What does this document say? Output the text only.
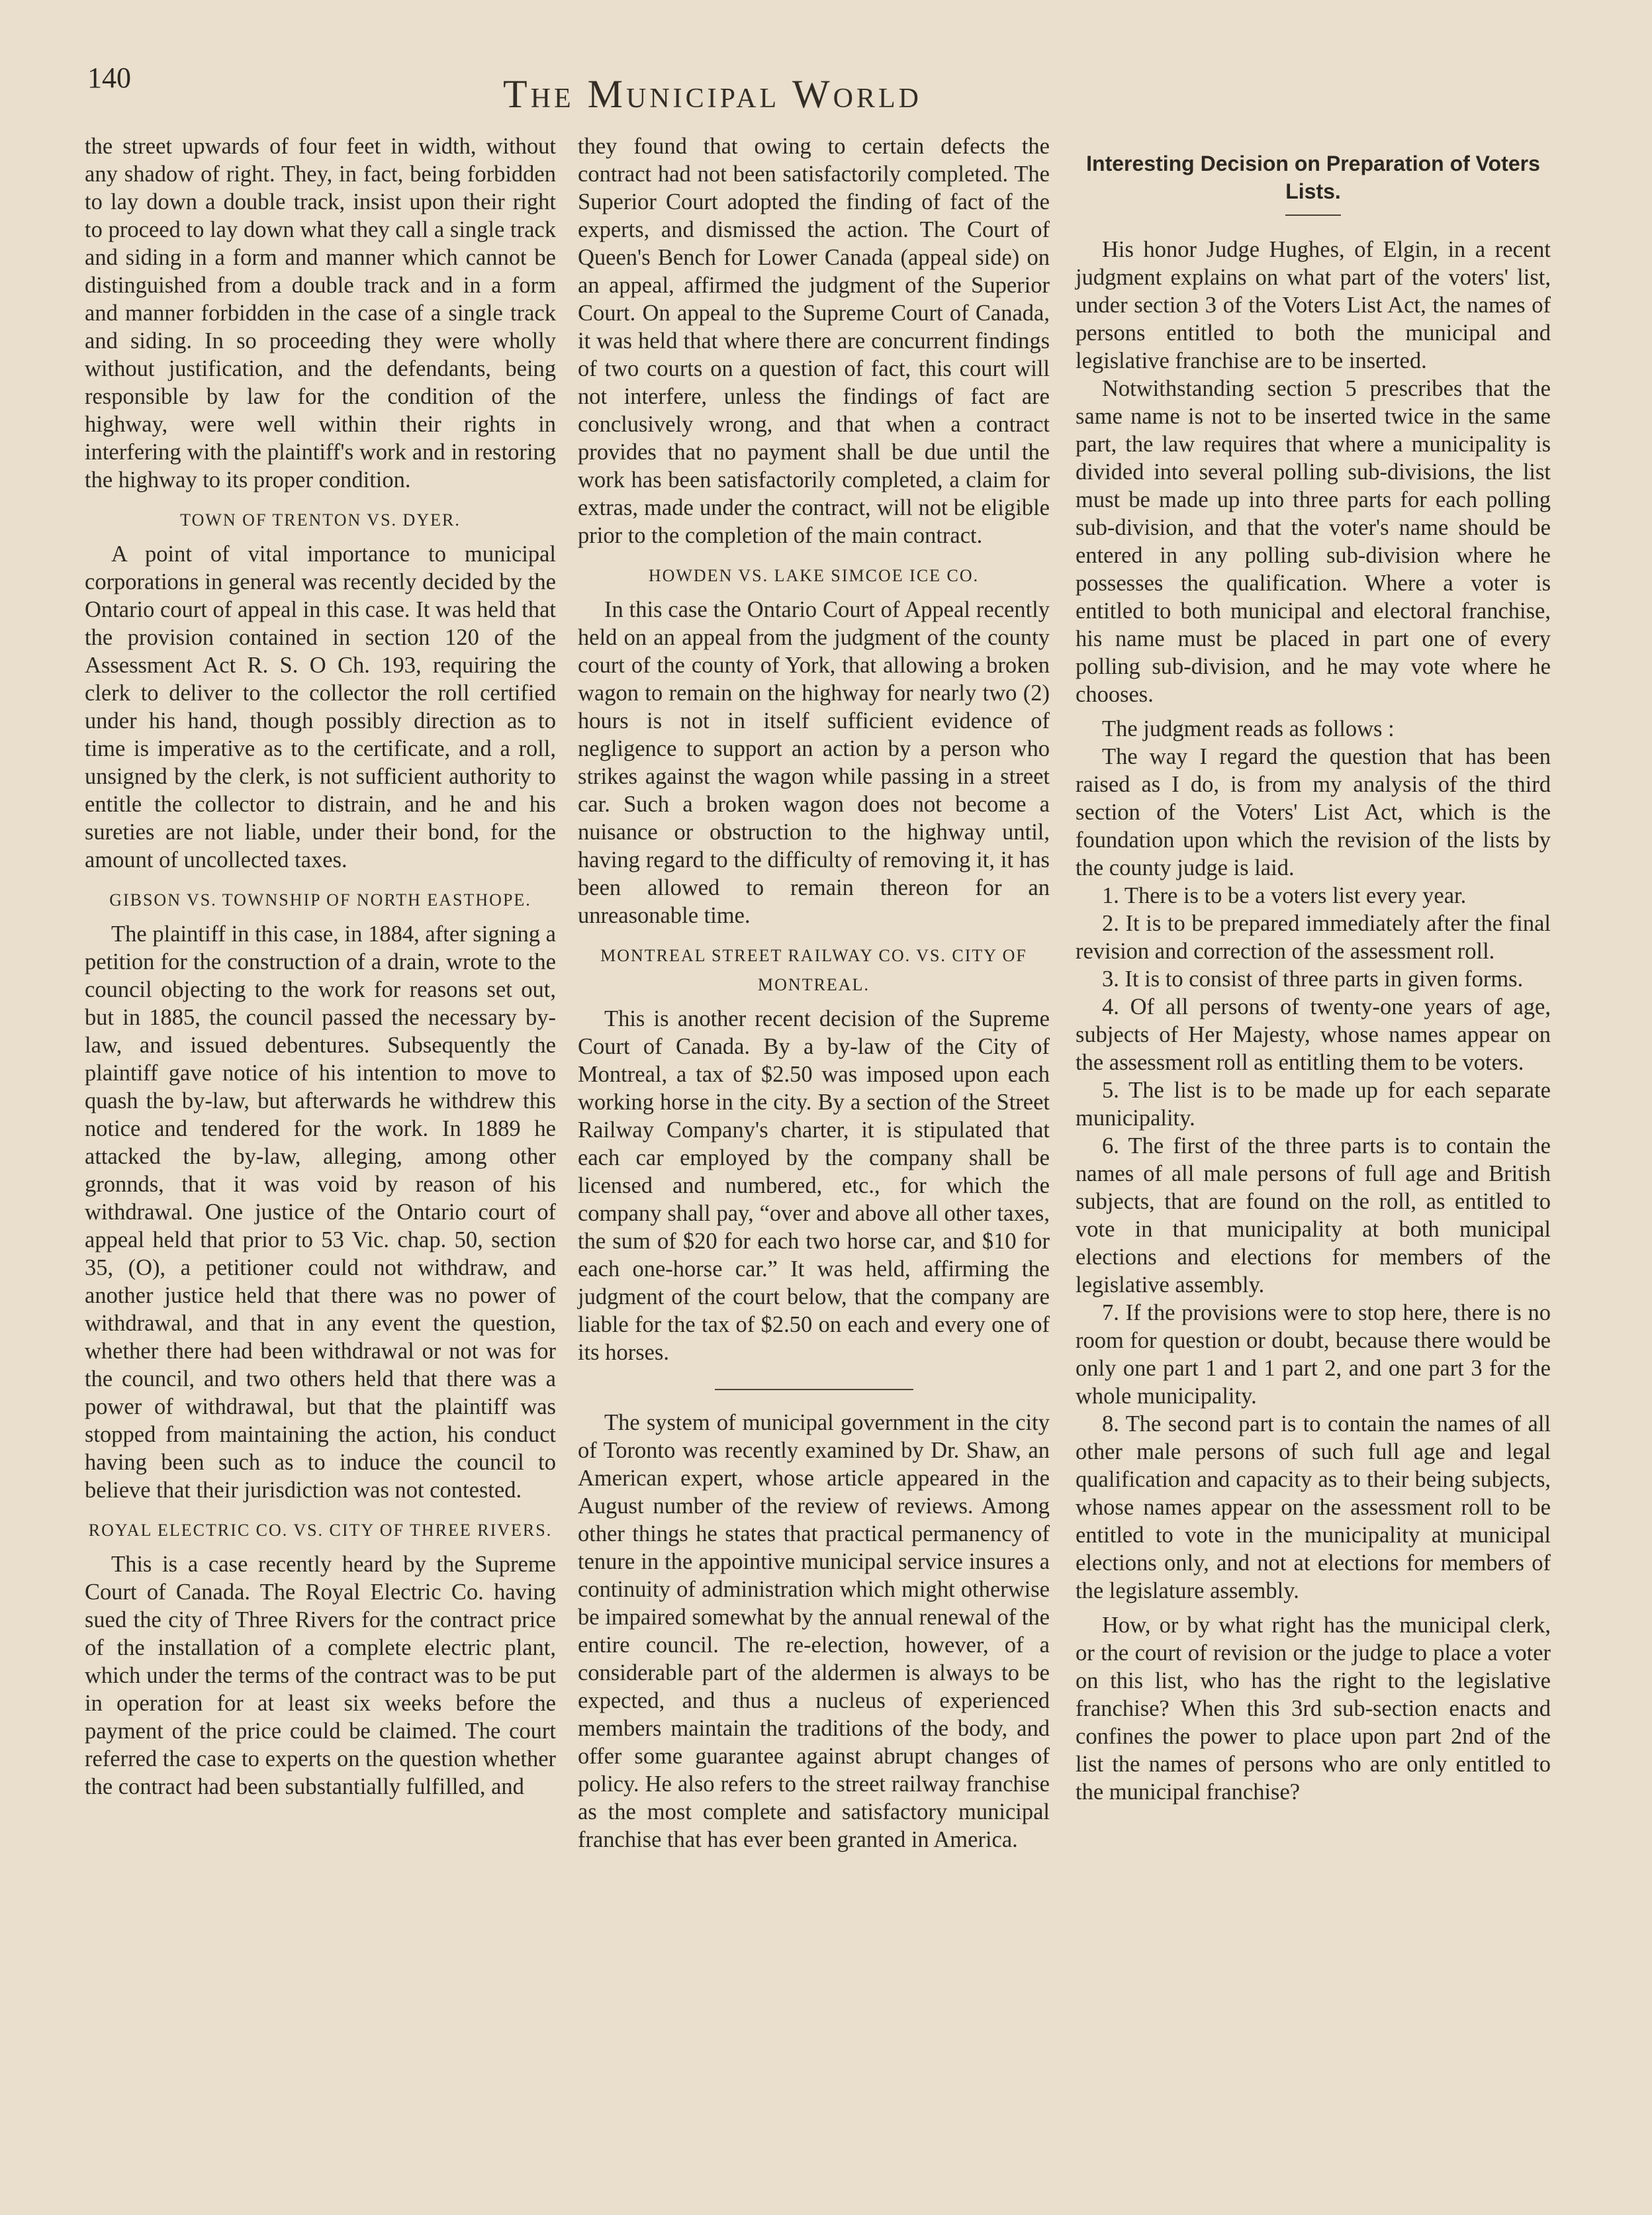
140	The Municipal World

the street upwards of four feet in width, without any shadow of right. They, in fact, being forbidden to lay down a double track, insist upon their right to proceed to lay down what they call a single track and siding in a form and manner which cannot be distinguished from a double track and in a form and manner forbidden in the case of a single track and siding. In so proceeding they were wholly without justification, and the defendants, being responsible by law for the condition of the highway, were well within their rights in interfering with the plaintiff's work and in restoring the highway to its proper condition.

TOWN OF TRENTON VS. DYER.

A point of vital importance to municipal corporations in general was recently decided by the Ontario court of appeal in this case. It was held that the provision contained in section 120 of the Assessment Act R. S. O Ch. 193, requiring the clerk to deliver to the collector the roll certified under his hand, though possibly direction as to time is imperative as to the certificate, and a roll, unsigned by the clerk, is not sufficient authority to entitle the collector to distrain, and he and his sureties are not liable, under their bond, for the amount of uncollected taxes.

GIBSON VS. TOWNSHIP OF NORTH EASTHOPE.

The plaintiff in this case, in 1884, after signing a petition for the construction of a drain, wrote to the council objecting to the work for reasons set out, but in 1885, the council passed the necessary by-law, and issued debentures. Subsequently the plaintiff gave notice of his intention to move to quash the by-law, but afterwards he withdrew this notice and tendered for the work. In 1889 he attacked the by-law, alleging, among other gronnds, that it was void by reason of his withdrawal. One justice of the Ontario court of appeal held that prior to 53 Vic. chap. 50, section 35, (O), a petitioner could not withdraw, and another justice held that there was no power of withdrawal, and that in any event the question, whether there had been withdrawal or not was for the council, and two others held that there was a power of withdrawal, but that the plaintiff was stopped from maintaining the action, his conduct having been such as to induce the council to believe that their jurisdiction was not contested.

ROYAL ELECTRIC CO. VS. CITY OF THREE RIVERS.

This is a case recently heard by the Supreme Court of Canada. The Royal Electric Co. having sued the city of Three Rivers for the contract price of the installation of a complete electric plant, which under the terms of the contract was to be put in operation for at least six weeks before the payment of the price could be claimed. The court referred the case to experts on the question whether the contract had been substantially fulfilled, and

they found that owing to certain defects the contract had not been satisfactorily completed. The Superior Court adopted the finding of fact of the experts, and dismissed the action. The Court of Queen's Bench for Lower Canada (appeal side) on an appeal, affirmed the judgment of the Superior Court. On appeal to the Supreme Court of Canada, it was held that where there are concurrent findings of two courts on a question of fact, this court will not interfere, unless the findings of fact are conclusively wrong, and that when a contract provides that no payment shall be due until the work has been satisfactorily completed, a claim for extras, made under the contract, will not be eligible prior to the completion of the main contract.

HOWDEN VS. LAKE SIMCOE ICE CO.

In this case the Ontario Court of Appeal recently held on an appeal from the judgment of the county court of the county of York, that allowing a broken wagon to remain on the highway for nearly two (2) hours is not in itself sufficient evidence of negligence to support an action by a person who strikes against the wagon while passing in a street car. Such a broken wagon does not become a nuisance or obstruction to the highway until, having regard to the difficulty of removing it, it has been allowed to remain thereon for an unreasonable time.

MONTREAL STREET RAILWAY CO. VS. CITY OF MONTREAL.

This is another recent decision of the Supreme Court of Canada. By a by-law of the City of Montreal, a tax of $2.50 was imposed upon each working horse in the city. By a section of the Street Railway Company's charter, it is stipulated that each car employed by the company shall be licensed and numbered, etc., for which the company shall pay, “over and above all other taxes, the sum of $20 for each two horse car, and $10 for each one-horse car.” It was held, affirming the judgment of the court below, that the company are liable for the tax of $2.50 on each and every one of its horses.

The system of municipal government in the city of Toronto was recently examined by Dr. Shaw, an American expert, whose article appeared in the August number of the review of reviews. Among other things he states that practical permanency of tenure in the appointive municipal service insures a continuity of administration which might otherwise be impaired somewhat by the annual renewal of the entire council. The re-election, however, of a considerable part of the aldermen is always to be expected, and thus a nucleus of experienced members maintain the traditions of the body, and offer some guarantee against abrupt changes of policy. He also refers to the street railway franchise as the most complete and satisfactory municipal franchise that has ever been granted in America.

Interesting Decision on Preparation of Voters Lists.

His honor Judge Hughes, of Elgin, in a recent judgment explains on what part of the voters' list, under section 3 of the Voters List Act, the names of persons entitled to both the municipal and legislative franchise are to be inserted.

Notwithstanding section 5 prescribes that the same name is not to be inserted twice in the same part, the law requires that where a municipality is divided into several polling sub-divisions, the list must be made up into three parts for each polling sub-division, and that the voter's name should be entered in any polling sub-division where he possesses the qualification. Where a voter is entitled to both municipal and electoral franchise, his name must be placed in part one of every polling sub-division, and he may vote where he chooses.

The judgment reads as follows :

The way I regard the question that has been raised as I do, is from my analysis of the third section of the Voters' List Act, which is the foundation upon which the revision of the lists by the county judge is laid.

1. There is to be a voters list every year.

2. It is to be prepared immediately after the final revision and correction of the assessment roll.

3. It is to consist of three parts in given forms.

4. Of all persons of twenty-one years of age, subjects of Her Majesty, whose names appear on the assessment roll as entitling them to be voters.

5. The list is to be made up for each separate municipality.

6. The first of the three parts is to contain the names of all male persons of full age and British subjects, that are found on the roll, as entitled to vote in that municipality at both municipal elections and elections for members of the legislative assembly.

7. If the provisions were to stop here, there is no room for question or doubt, because there would be only one part 1 and 1 part 2, and one part 3 for the whole municipality.

8. The second part is to contain the names of all other male persons of such full age and legal qualification and capacity as to their being subjects, whose names appear on the assessment roll to be entitled to vote in the municipality at municipal elections only, and not at elections for members of the legislature assembly.

How, or by what right has the municipal clerk, or the court of revision or the judge to place a voter on this list, who has the right to the legislative franchise? When this 3rd sub-section enacts and confines the power to place upon part 2nd of the list the names of persons who are only entitled to the municipal franchise?
